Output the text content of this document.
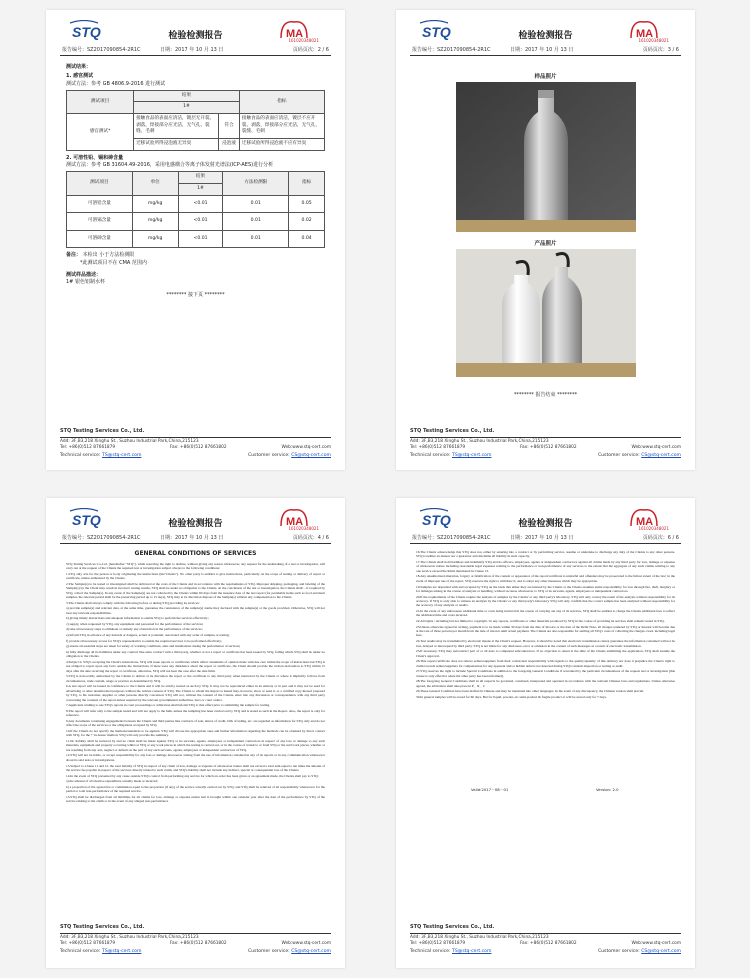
STQ	检验检测报告	MA
161020348021
报告编号：SZ2017090854-2R1C	日期：2017 年 10 月 13 日	页码页次：2 / 6
测试结果：
1. 感官测试
测试方法：参考 GB 4806.9-2016 进行测试
测试项目	结果		指标
	1#		
感官测试*	接触食品的表面应清洁，镀层无开裂、剥落，焊接部分应光洁，无气孔、裂缝、毛刺	符合	接触食品的表面应清洁，镀层不应开裂、剥落，焊接部分应光洁，无气孔、裂缝、毛刺
	迁移试验所得浸泡液无异臭	浸泡液	迁移试验所得浸泡液不应有异臭
2. 可溶性铅、镉和砷含量
测试方法：参考 GB 31604.49-2016，采用电感耦合等离子体发射光谱法(ICP-AES)进行分析
测试项目	单位	结果	方法检测限	指标
		1#		
可溶铅含量	mg/kg	<0.01	0.01	0.05
可溶镉含量	mg/kg	<0.01	0.01	0.02
可溶砷含量	mg/kg	<0.01	0.01	0.04
备注： 本检出 小于方法检测限
*此测试项目不在 CMA 范围内
测试样品描述：
1# 银色铝制水杯
******** 接下页 ********
STQ Testing Services Co., Ltd.
Add: 3F,B3,218 Xinghu St., Suzhou Industrial Park,China,215123
Tel: +86(0)512 87661879	Fax: +86(0)512 87661802	Web:www.stq-cert.com
Technical service: TS@stq-cert.com	Customer service: CS@stq-cert.com
STQ	检验检测报告	MA
161020348021
报告编号：SZ2017090854-2R1C	日期：2017 年 10 月 13 日	页码页次：3 / 6
样品照片
产品照片
******** 报告结束 ********
STQ Testing Services Co., Ltd.
Add: 3F,B3,218 Xinghu St., Suzhou Industrial Park,China,215123
Tel: +86(0)512 87661879	Fax: +86(0)512 87661802	Web:www.stq-cert.com
Technical service: TS@stq-cert.com	Customer service: CS@stq-cert.com
STQ	检验检测报告	MA
161020348021
报告编号：SZ2017090854-2R1C	日期：2017 年 10 月 13 日	页码页次：4 / 6
GENERAL CONDITIONS OF SERVICES

STQ Testing Services Co.,Ltd. (hereinafter "STQ"), while reserving the right to decline, without giving any reason whatsoever, any request for the undertaking of a test or investigation, will carry out at the request of the Clients the required test or investigation subject always to the following conditions:

1.STQ only acts for the person or body originating the instructions (the"Clients"). No other party is entitled to give instructions, particularly on the scope of testing or delivery of report or certificate, unless authorized by the Clients.

2.The Sample(s) to be tested or investigated shall be delivered at the costs of the Clients and in accordance with the requirements of STQ. Improper shipping, packaging, and labeling of the Sample(s) by the Client may result in incorrect testing results, STQ shall be under no obligation to the Clients. At the conclusion of the test or investigation, the Clients shall: - if required by STQ, collect the Sample(s). In any event, if the Sample(s) are not collected by the Clients within 60 days from the issuance date of the test report (for perishable items such as food and meat samples, the relevant period shall be the preserving period up to 15 days), STQ may at its discretion dispose of the Sample(s) without any compensation to the Clients.

3.The Clients shall always comply with the following before or during STQ providing its services:

a) provide sample(s) and relevant data, at the same time, guarantee the consistence of the sample(s) /name they declared with the sample(s) or the goods provided. Otherwise, STQ will not bear any relevant responsibilities.

b) giving timely instructions and adequate information to enable STQ to perform the services effectively;

c) supply, when requested by STQ, any equipment and personnel for the performance of the services;

d) take all necessary steps to eliminate or remedy any obstruction in the performance of the services;

e) inform STQ in advance of any hazards or dangers, actual or potential, associated with any order of samples or testing;

f) provide all necessary access for STQ's representative to enable the required services to be performed effectively;

g) ensure all essential steps are taken for safety of working conditions, sites and installations during the performance of services;

h) fully discharge all its liabilities under any contract like sales contract with a third party, whether or not a report or certificate has been issued by STQ, failing which STQ shall be under no obligation to the Clients.

4.Subject to STQ's accepting the Client's instructions, STQ will issue reports or certificates which reflect statements of opinion made with due care within the scope of instructions but STQ is not obliged to report upon any facts outside the instructions, if there were any dissidence about the report or certificate, the Client should provide the written declaration to STQ within 15 days after the date receiving the report or certificate, otherwise, STQ will not hear the case after the date limit.

5.STQ is irrevocably authorized by the Clients to deliver at its discretion the report or the certificate to any third party when instructed by the Clients or where it implicitly follows from circumstances, trade custom, usage or practice as determined by STQ.

6.A test report will be issued in confidence to the Clients and it will be strictly treated as such by STQ. It may not be reproduced either in its entirety or in part and it may not be used for advertising or other unauthorized purposes without the written consent of STQ. The Clients to whom the Report is issued may, however, show or send it, or a certified copy thereof prepared by STQ, to his customer, supplier or other persons directly concerned. STQ will not, without the consent of the Clients, enter into any discussion or correspondence with any third party concerning the contents of the report unless required by the relevant governmental authorities, laws or court orders.

7.Applicants wishing to use STQ's reports in court proceedings or arbitration shall inform STQ to that effect prior to submitting the sample for testing.

8.The report will refer only to the sample tested and will not apply to the bulk, unless the sampling has been carried out by STQ and is stated as such in the Report. Also, the report is only for reference.

9.Any documents containing engagements between the Clients and third parties like contracts of sale, letters of credit, bills of lading, etc. are regarded as information for STQ only and do not affect the scope of the services or the obligations accepted by STQ.

10.If the Clients do not specify the methods/standards to be applied, STQ will choose the appropriate ones and further information regarding the methods can be obtained by direct contact with STQ, for the + 'in-house' method, STQ will only provide the summary.

11.No liability shall be incurred by and no claim shall be made against STQ or its servants, agents, employees or independent contractors in respect of any loss or damage to any such materials, equipment and property occurring whilst at STQ or any work places in which the testing is carried out, or in the course of transit to or from STQ or the said work places, whether or not resulting from any acts, neglect or default on the part of any such servants, agents, employees or independent contractors of STQ.

12.STQ will not be liable, or accept responsibility for any loss or damage howsoever arising from the use of information contained in any of its reports or in any communication whatsoever about its said tests or investigations.

13.Subject to Clause 11 and 12, the total liability of STQ in respect of any claim of loss, damage or expense of whatsoever nature shall not exceed a total sum equal to ten times the amount of the service fee payable in respect of the services directly related to such claim, and STQ's liability shall not include any indirect, special or consequential loss of the Clients.

14.In the event of STQ prevented by any cause outside STQ's control from performing any service for which an order has been given or an agreement made, the Clients shall pay to STQ:

a) the amount of all abortive expenditure actually made or incurred;

b) a proportion of the agreed fee or commission equal to the proportion (if any) of the service actually carried out by STQ, and STQ shall be relieved of all responsibility whatsoever for the partial or total non-performance of the required service.

15.STQ shall be discharged from all liabilities for all claims for loss, damage or expense unless suit is brought within one calendar year after the date of the performance by STQ of the service relating to the claim or in the event of any alleged non-performance

STQ Testing Services Co., Ltd.
Add: 3F,B3,218 Xinghu St., Suzhou Industrial Park,China,215123
Tel: +86(0)512 87661879	Fax: +86(0)512 87661802	Web:www.stq-cert.com
Technical service: TS@stq-cert.com	Customer service: CS@stq-cert.com
STQ	检验检测报告	MA
161020348021
报告编号：SZ2017090854-2R1C	日期：2017 年 10 月 13 日	页码页次：6 / 6

16.The Clients acknowledge that STQ does not, either by entering into a contract or by performing service, assume or undertake to discharge any duty of the Clients to any other persons. STQ is neither an insurer nor a guarantor and disclaims all liability in such capacity.

17.The Clients shall hold harmless and indemnify STQ and its officers, employees, agents or independent contractors against all claims made by any third party for loss, damage or expense of whatsoever nature including reasonable legal expenses relating to the performance or non-performance of any services to the extent that the aggregate of any such claims relating to any one service exceed the limits mentioned in Clause 13.

18.Any unauthorized alteration, forgery or falsification of the content or appearance of the report/certificate is unlawful and offenders may be prosecuted to the fullest extent of the law; in the event of improper use of the report, STQ reserves the right to withdraw it, and to adopt any other measures which may be appropriate.

19.Samples are deposited with and accepted by STQ on the basis that either they are insured by the Clients or the Clients assumes entire responsibility for loss through fire, theft, burglary or for damages arising in the course of analysis or handling, without recourse whatsoever to STQ or its servants, agents, employees or independent contractors.

20.If the requirements of the Clients require the analysis of samples by the Clients' or any third party's laboratory, STQ will only convey the result of the analysis without responsibility for its accuracy. If STQ is only able to witness an analysis by the Clients' or any third party's laboratory STQ will only confirm that the correct sample has been analyzed without responsibility for the accuracy of any analysis or results.

21.In the event of any unforeseen additional time or costs being incurred in the course of carrying out any of its services, STQ shall be entitled to charge the Clients additional fees to reflect the additional time and costs incurred.

22.All rights / including but not limited to copyright / in any reports, certificates or other materials produced by STQ in the course of providing its services shall remain vested in STQ.

23.Unless otherwise agreed in writing, payment is to be made within 30 days from the date of Invoice or the date of the Debit Note, all charges rendered by STQ or interest will become due at the rate of three percent per month from the date of invoice until actual payment. The Clients are also responsible for settling all STQ's costs of collecting the charges owed, including legal fees.

24.Test results may be transmitted by electronic means at the Client's request. However, it should be noted that electronic transmission cannot guarantee the information contained will not be lost, delayed or intercepted by third party. STQ is not liable for any disclosure, error or omission in the content of such messages as a result of electronic transmission.

25.If necessary, STQ may subcontract part of or all tests to competent subcontractors. If no objection is raised at the time of the Clients submitting the application, STQ shall assume the Client's approval.

26.This report/certificate does not relieve sellers/suppliers from their contractual responsibility with regards to the quality/quantity of this delivery nor does it prejudice the Client's right to claim towards sellers/suppliers for compensation for any apparent and/or hidden defects not detected during STQ's random inspection or testing or audit.

27.STQ reserves the right to include Special Conditions in addition to the foregoing General Conditions if warranted by the particular circumstances of the request test or investigation [this clause is only effective when the other party has been informed].

28.The foregoing General Conditions shall in all respects be governed, construed, interpreted and operated in accordance with the relevant Chinese laws and regulations. Unless otherwise agreed, the arbitration shall take place in P．R．C

29.These General Condition have been drafted in Chinese and may be translated into other languages. In the event of any discrepancy, the Chinese version shall prevail.

30.In general samples will be stored for 60 days. But for liquid, powder, etc semi-product & fragile product, it will be stored only for 7 days.

Valid:2017－08－01	Version: 2.0
STQ Testing Services Co., Ltd.
Add: 3F,B3,218 Xinghu St., Suzhou Industrial Park,China,215123
Tel: +86(0)512 87661879	Fax: +86(0)512 87661802	Web:www.stq-cert.com
Technical service: TS@stq-cert.com	Customer service: CS@stq-cert.com
